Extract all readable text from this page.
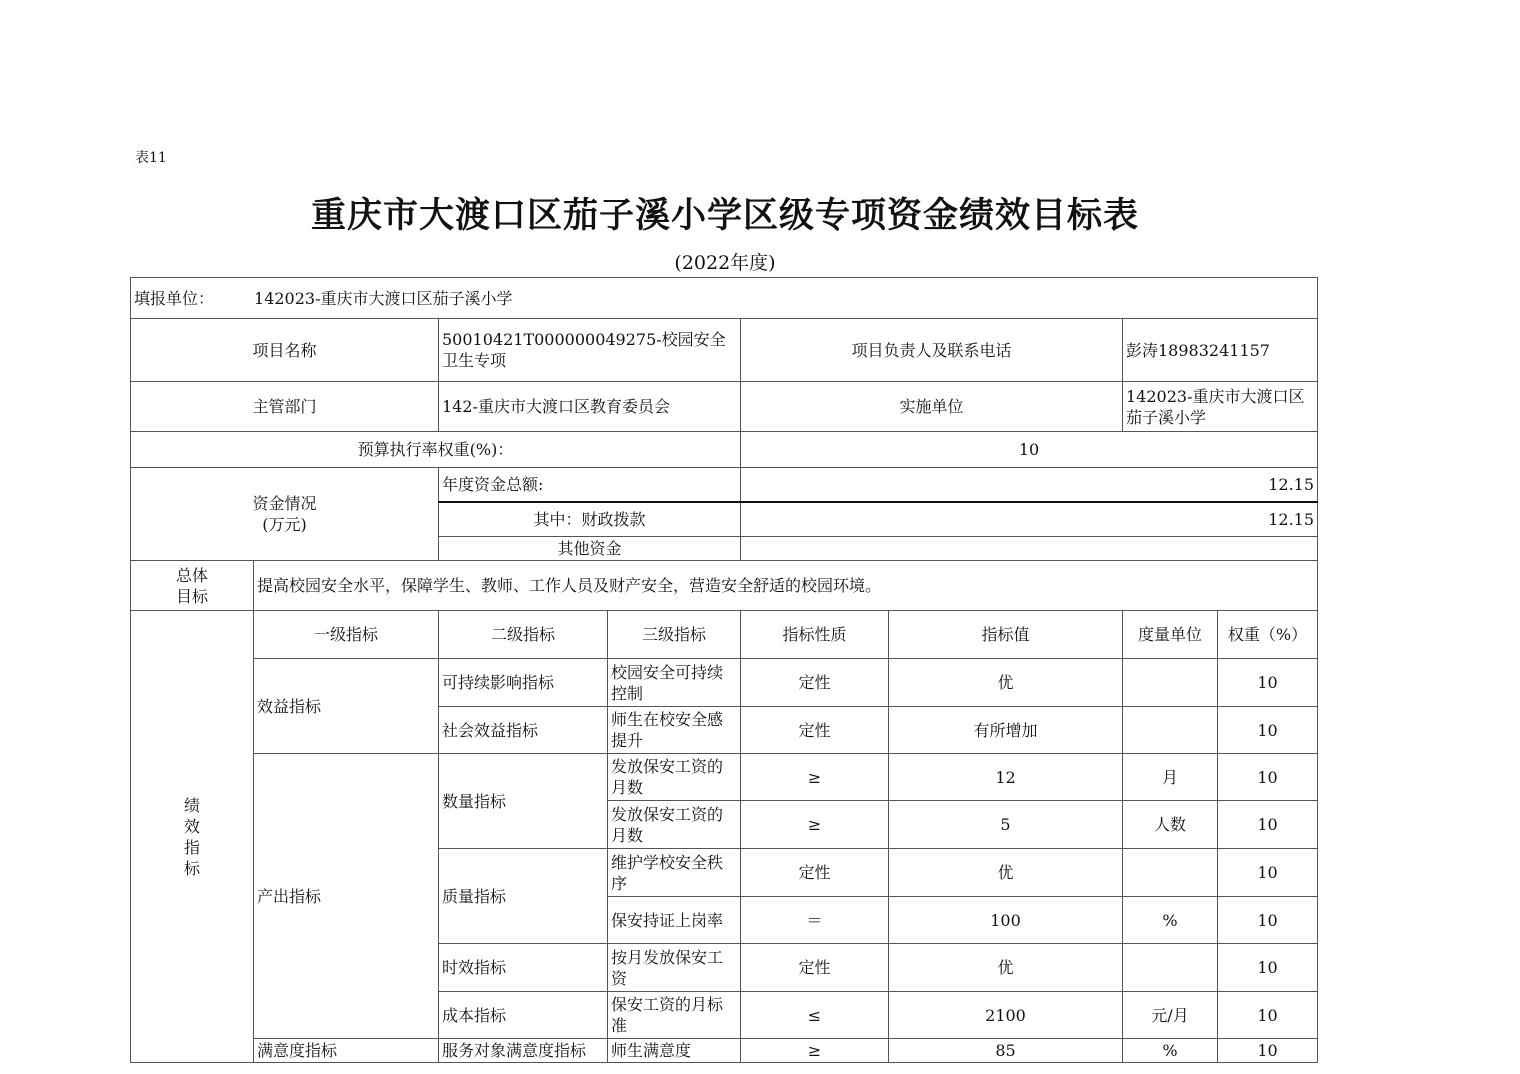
表11
重庆市大渡口区茄子溪小学区级专项资金绩效目标表
(2022年度)
填报单位： 142023-重庆市大渡口区茄子溪小学							
项目名称		50010421T000000049275-校园安全卫生专项		项目负责人及联系电话		彭涛18983241157	
主管部门		142-重庆市大渡口区教育委员会		实施单位		142023-重庆市大渡口区茄子溪小学	
预算执行率权重(%)：				10			

资金情况
(万元)		年度资金总额:		12.15			
		其中：财政拨款		12.15			
		其他资金					

总体
目标	提高校园安全水平，保障学生、教师、工作人员及财产安全，营造安全舒适的校园环境。						

绩
效
指
标	一级指标	二级指标	三级指标	指标性质	指标值	度量单位	权重（%）
	效益指标	可持续影响指标	校园安全可持续控制	定性	优		10
		社会效益指标	师生在校安全感提升	定性	有所增加		10
	产出指标	数量指标	发放保安工资的月数	≥	12	月	10
			发放保安工资的月数	≥	5	人数	10
		质量指标	维护学校安全秩序	定性	优		10
			保安持证上岗率	＝	100	%	10
		时效指标	按月发放保安工资	定性	优		10
		成本指标	保安工资的月标准	≤	2100	元/月	10
	满意度指标	服务对象满意度指标	师生满意度	≥	85	%	10
